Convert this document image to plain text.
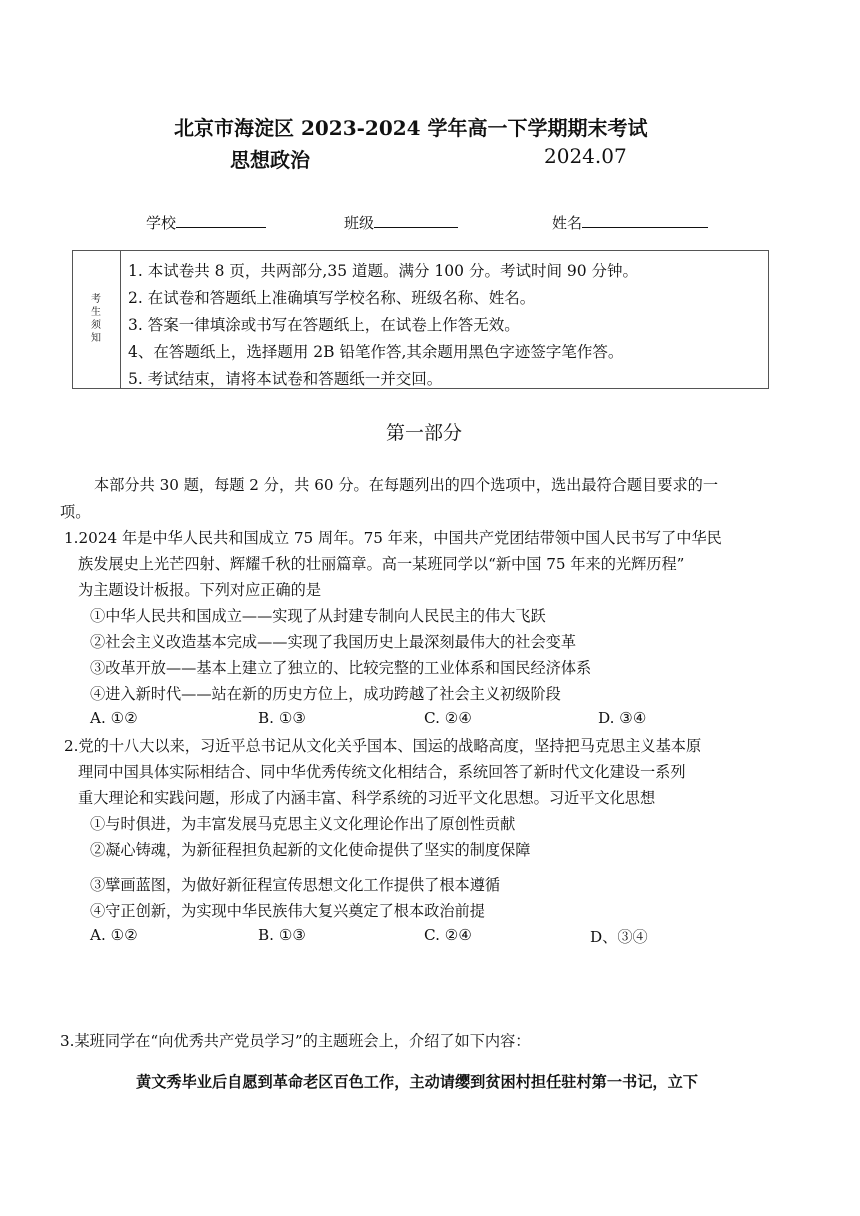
北京市海淀区 2023-2024 学年高一下学期期末考试
思想政治	2024.07
学校	班级	姓名
考生须知
1. 本试卷共 8 页，共两部分,35 道题。满分 100 分。考试时间 90 分钟。
2. 在试卷和答题纸上准确填写学校名称、班级名称、姓名。
3. 答案一律填涂或书写在答题纸上，在试卷上作答无效。
4、在答题纸上，选择题用 2B 铅笔作答,其余题用黑色字迹签字笔作答。
5. 考试结束，请将本试卷和答题纸一并交回。
第一部分
本部分共 30 题，每题 2 分，共 60 分。在每题列出的四个选项中，选出最符合题目要求的一
项。
1.2024 年是中华人民共和国成立 75 周年。75 年来，中国共产党团结带领中国人民书写了中华民
族发展史上光芒四射、辉耀千秋的壮丽篇章。高一某班同学以“新中国 75 年来的光辉历程”
为主题设计板报。下列对应正确的是
①中华人民共和国成立——实现了从封建专制向人民民主的伟大飞跃
②社会主义改造基本完成——实现了我国历史上最深刻最伟大的社会变革
③改革开放——基本上建立了独立的、比较完整的工业体系和国民经济体系
④进入新时代——站在新的历史方位上，成功跨越了社会主义初级阶段
A. ①②	B. ①③	C. ②④	D. ③④
2.党的十八大以来，习近平总书记从文化关乎国本、国运的战略高度，坚持把马克思主义基本原
理同中国具体实际相结合、同中华优秀传统文化相结合，系统回答了新时代文化建设一系列
重大理论和实践问题，形成了内涵丰富、科学系统的习近平文化思想。习近平文化思想
①与时俱进，为丰富发展马克思主义文化理论作出了原创性贡献
②凝心铸魂，为新征程担负起新的文化使命提供了坚实的制度保障
③擘画蓝图，为做好新征程宣传思想文化工作提供了根本遵循
④守正创新，为实现中华民族伟大复兴奠定了根本政治前提
A. ①②	B. ①③	C. ②④	D、③④
3.某班同学在“向优秀共产党员学习”的主题班会上，介绍了如下内容：
黄文秀毕业后自愿到革命老区百色工作，主动请缨到贫困村担任驻村第一书记，立下
